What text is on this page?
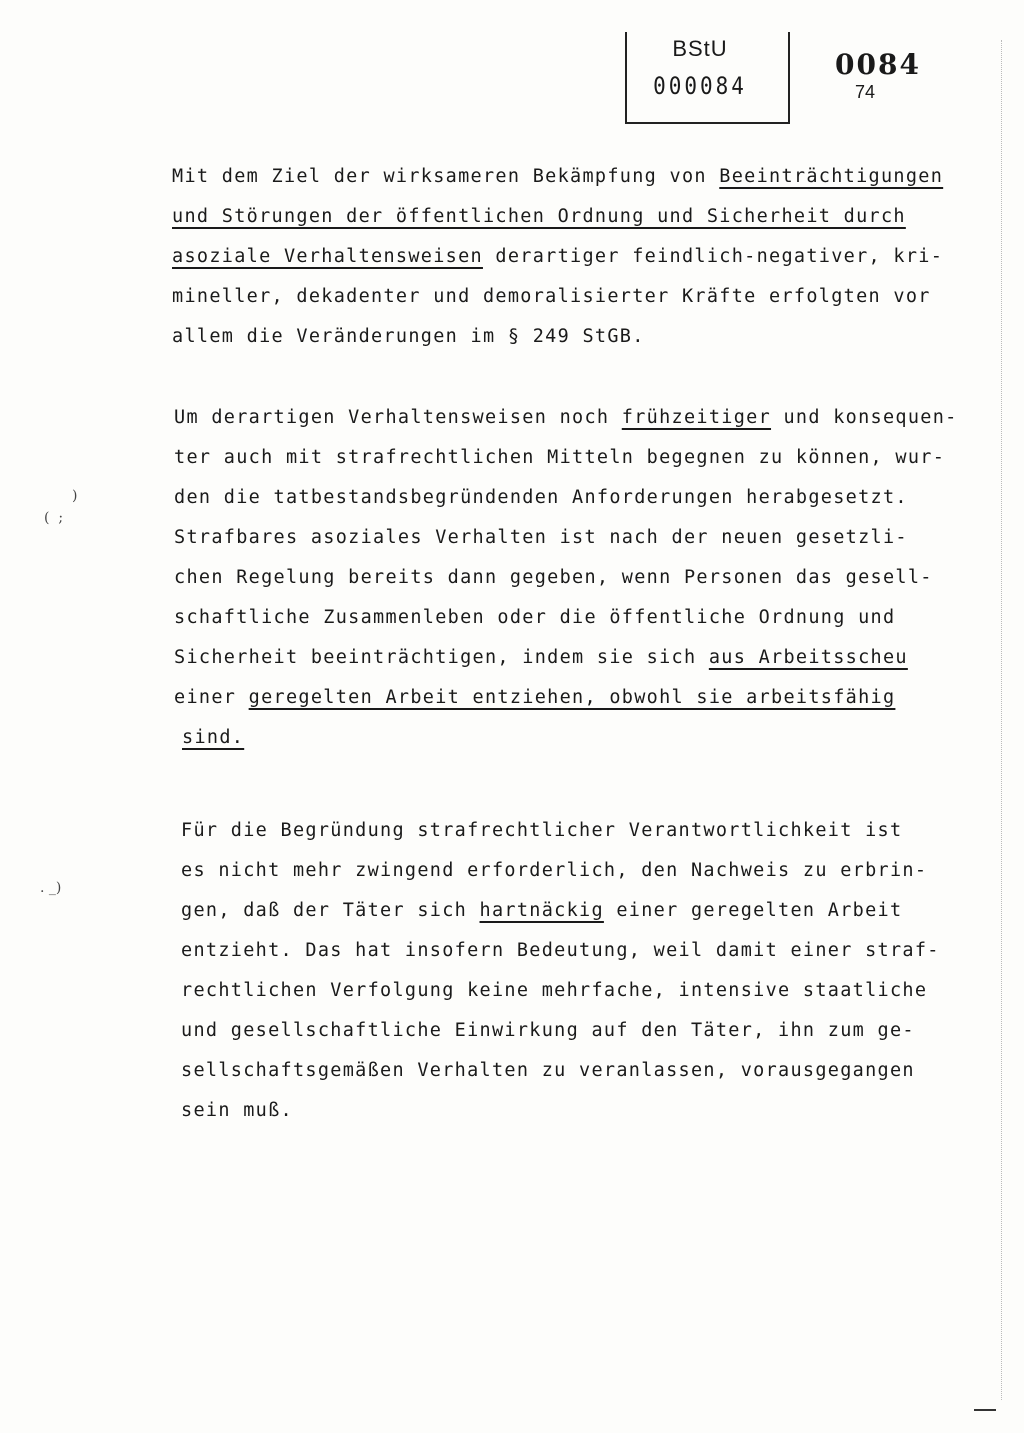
BStU
000084
0084
74
Mit dem Ziel der wirksameren Bekämpfung von Beeinträchtigungen
und Störungen der öffentlichen Ordnung und Sicherheit durch
asoziale Verhaltensweisen derartiger feindlich-negativer, kri-
mineller, dekadenter und demoralisierter Kräfte erfolgten vor
allem die Veränderungen im § 249 StGB.
Um derartigen Verhaltensweisen noch frühzeitiger und konsequen-
ter auch mit strafrechtlichen Mitteln begegnen zu können, wur-
den die tatbestandsbegründenden Anforderungen herabgesetzt.
Strafbares asoziales Verhalten ist nach der neuen gesetzli-
chen Regelung bereits dann gegeben, wenn Personen das gesell-
schaftliche Zusammenleben oder die öffentliche Ordnung und
Sicherheit beeinträchtigen, indem sie sich aus Arbeitsscheu
einer geregelten Arbeit entziehen, obwohl sie arbeitsfähig
sind.
Für die Begründung strafrechtlicher Verantwortlichkeit ist
es nicht mehr zwingend erforderlich, den Nachweis zu erbrin-
gen, daß der Täter sich hartnäckig einer geregelten Arbeit
entzieht. Das hat insofern Bedeutung, weil damit einer straf-
rechtlichen Verfolgung keine mehrfache, intensive staatliche
und gesellschaftliche Einwirkung auf den Täter, ihn zum ge-
sellschaftsgemäßen Verhalten zu veranlassen, vorausgegangen
sein muß.
)
(  ;
. _)
